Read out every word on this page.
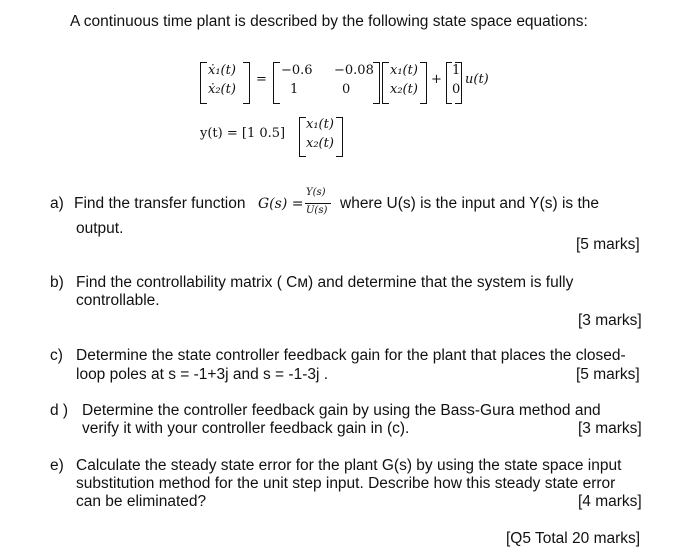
A continuous time plant is described by the following state space equations:
ẋ₁(t)
ẋ₂(t)
=
−0.6 −0.08
1	0
x₁(t)
x₂(t)
+
1
0
u(t)
y(t) = [1 0.5]
x₁(t)
x₂(t)
a) Find the transfer function G(s) =
Y(s)
U(s) where U(s) is the input and Y(s) is the
output.
[5 marks]
b) Find the controllability matrix ( Cᴍ) and determine that the system is fully
controllable.
[3 marks]
c) Determine the state controller feedback gain for the plant that places the closed-
loop poles at s = -1+3j and s = -1-3j .	[5 marks]
d ) Determine the controller feedback gain by using the Bass-Gura method and
verify it with your controller feedback gain in (c).	[3 marks]
e) Calculate the steady state error for the plant G(s) by using the state space input
substitution method for the unit step input. Describe how this steady state error
can be eliminated?	[4 marks]
[Q5 Total 20 marks]
